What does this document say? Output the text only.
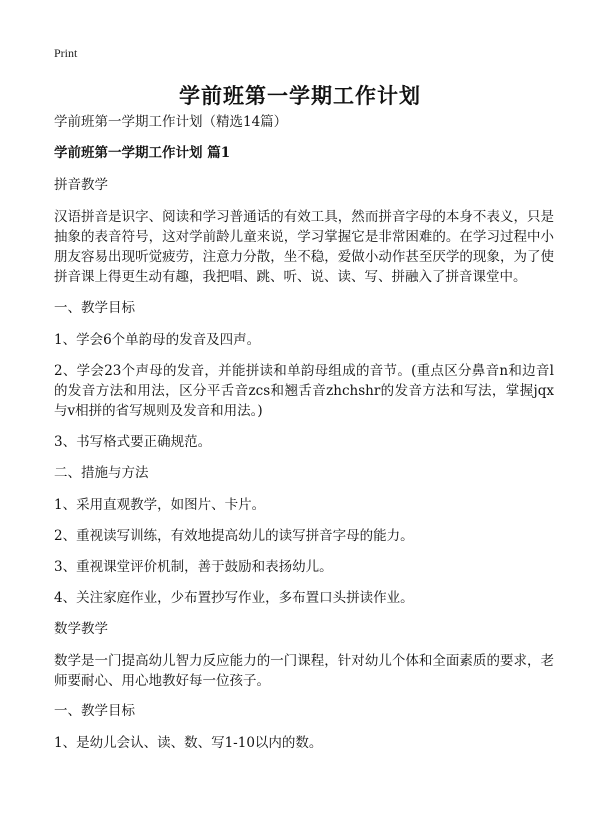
Print
学前班第一学期工作计划

学前班第一学期工作计划（精选14篇）

学前班第一学期工作计划 篇1

拼音教学

汉语拼音是识字、阅读和学习普通话的有效工具，然而拼音字母的本身不表义，只是抽象的表音符号，这对学前龄儿童来说，学习掌握它是非常困难的。在学习过程中小朋友容易出现听觉疲劳，注意力分散，坐不稳，爱做小动作甚至厌学的现象，为了使拼音课上得更生动有趣，我把唱、跳、听、说、读、写、拼融入了拼音课堂中。

一、教学目标

1、学会6个单韵母的发音及四声。

2、学会23个声母的发音，并能拼读和单韵母组成的音节。(重点区分鼻音n和边音l的发音方法和用法，区分平舌音zcs和翘舌音zhchshr的发音方法和写法，掌握jqx与v相拼的省写规则及发音和用法。)

3、书写格式要正确规范。

二、措施与方法

1、采用直观教学，如图片、卡片。

2、重视读写训练，有效地提高幼儿的读写拼音字母的能力。

3、重视课堂评价机制，善于鼓励和表扬幼儿。

4、关注家庭作业，少布置抄写作业，多布置口头拼读作业。

数学教学

数学是一门提高幼儿智力反应能力的一门课程，针对幼儿个体和全面素质的要求，老师要耐心、用心地教好每一位孩子。

一、教学目标

1、是幼儿会认、读、数、写1-10以内的数。
